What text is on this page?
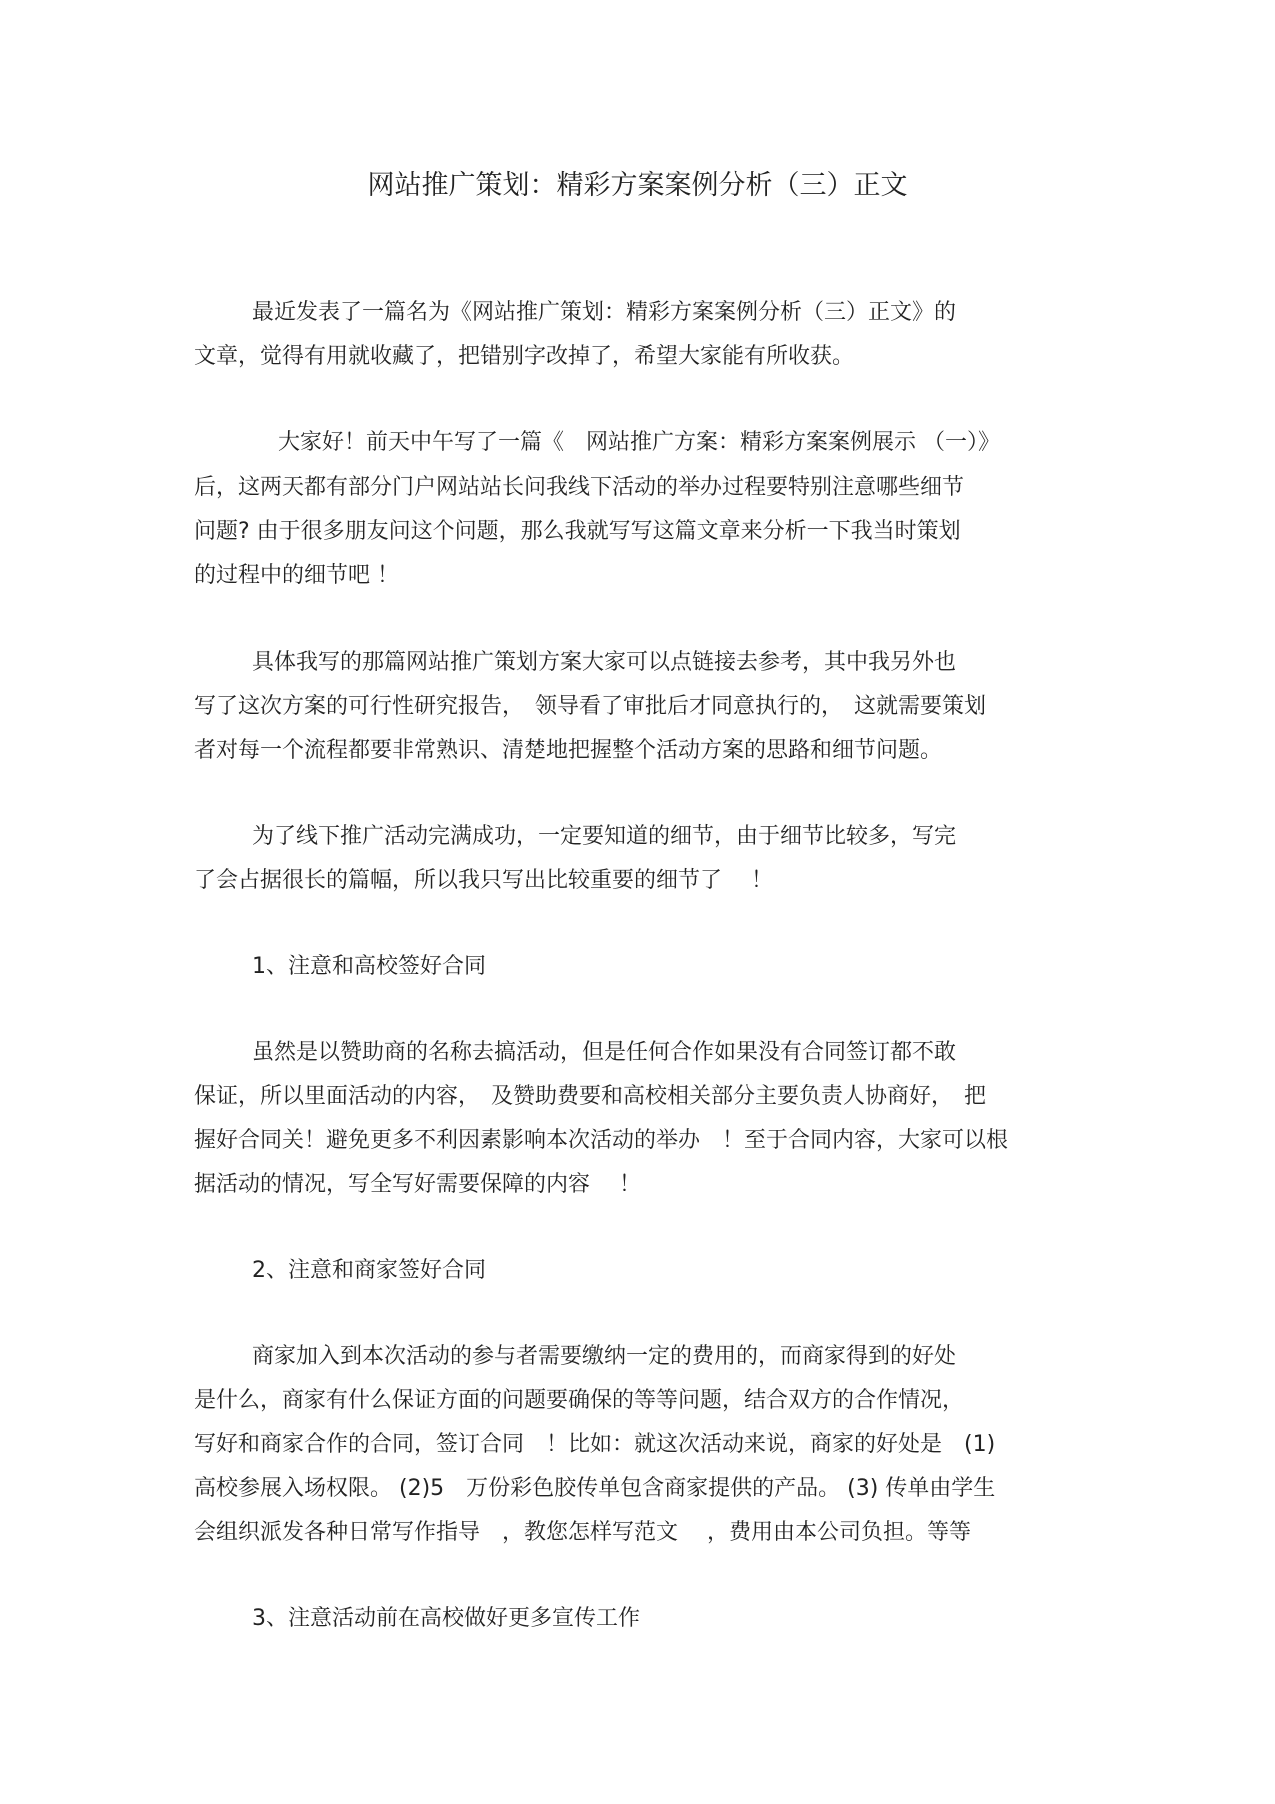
网站推广策划：精彩方案案例分析（三）正文
最近发表了一篇名为《网站推广策划：精彩方案案例分析（三）正文》的
文章，觉得有用就收藏了，把错别字改掉了，希望大家能有所收获。
大家好！前天中午写了一篇《　网站推广方案：精彩方案案例展示 （一）》
后，这两天都有部分门户网站站长问我线下活动的举办过程要特别注意哪些细节
问题? 由于很多朋友问这个问题，那么我就写写这篇文章来分析一下我当时策划
的过程中的细节吧 ！
具体我写的那篇网站推广策划方案大家可以点链接去参考，其中我另外也
写了这次方案的可行性研究报告，　领导看了审批后才同意执行的，　这就需要策划
者对每一个流程都要非常熟识、清楚地把握整个活动方案的思路和细节问题。
为了线下推广活动完满成功，一定要知道的细节，由于细节比较多，写完
了会占据很长的篇幅，所以我只写出比较重要的细节了　 ！
1、注意和高校签好合同
虽然是以赞助商的名称去搞活动，但是任何合作如果没有合同签订都不敢
保证，所以里面活动的内容，　及赞助费要和高校相关部分主要负责人协商好，　把
握好合同关！避免更多不利因素影响本次活动的举办　！至于合同内容，大家可以根
据活动的情况，写全写好需要保障的内容　 ！
2、注意和商家签好合同
商家加入到本次活动的参与者需要缴纳一定的费用的，而商家得到的好处
是什么，商家有什么保证方面的问题要确保的等等问题，结合双方的合作情况，
写好和商家合作的合同，签订合同　！比如：就这次活动来说，商家的好处是　(1)
高校参展入场权限。 (2)5　万份彩色胶传单包含商家提供的产品。 (3) 传单由学生
会组织派发各种日常写作指导　，教您怎样写范文　 ，费用由本公司负担。等等
3、注意活动前在高校做好更多宣传工作
